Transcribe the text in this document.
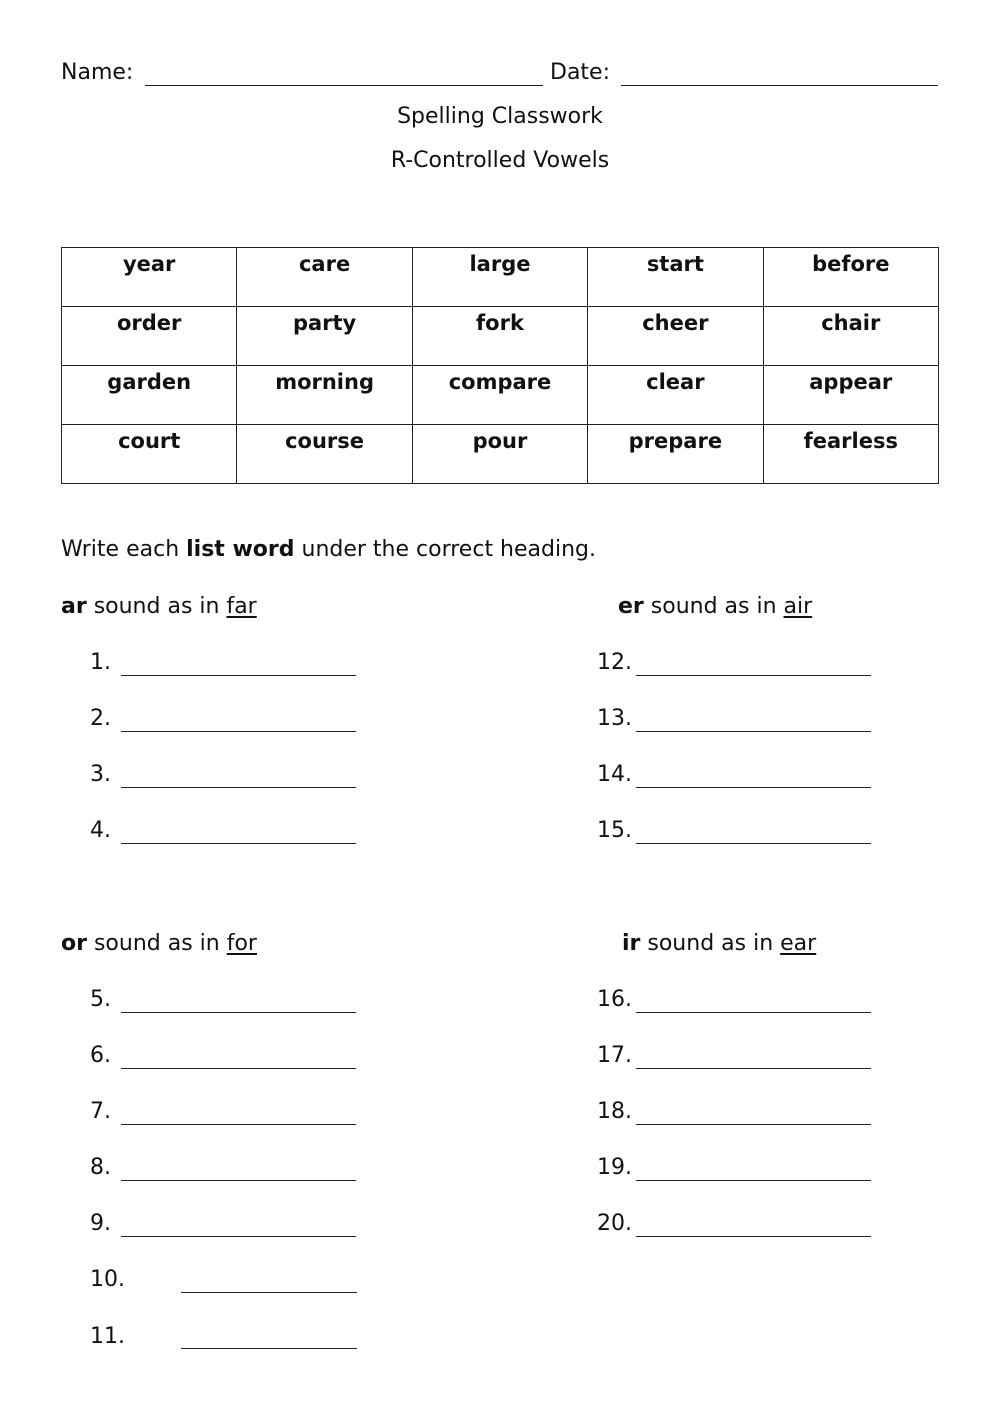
Name:	Date:
Spelling Classwork
R-Controlled Vowels
year	care	large	start	before
order	party	fork	cheer	chair
garden	morning	compare	clear	appear
court	course	pour	prepare	fearless
Write each list word under the correct heading.
ar sound as in far	er sound as in air
or sound as in for	ir sound as in ear
1.
2.
3.
4.
12.
13.
14.
15.
5.
6.
7.
8.
9.
10.
11.
16.
17.
18.
19.
20.
